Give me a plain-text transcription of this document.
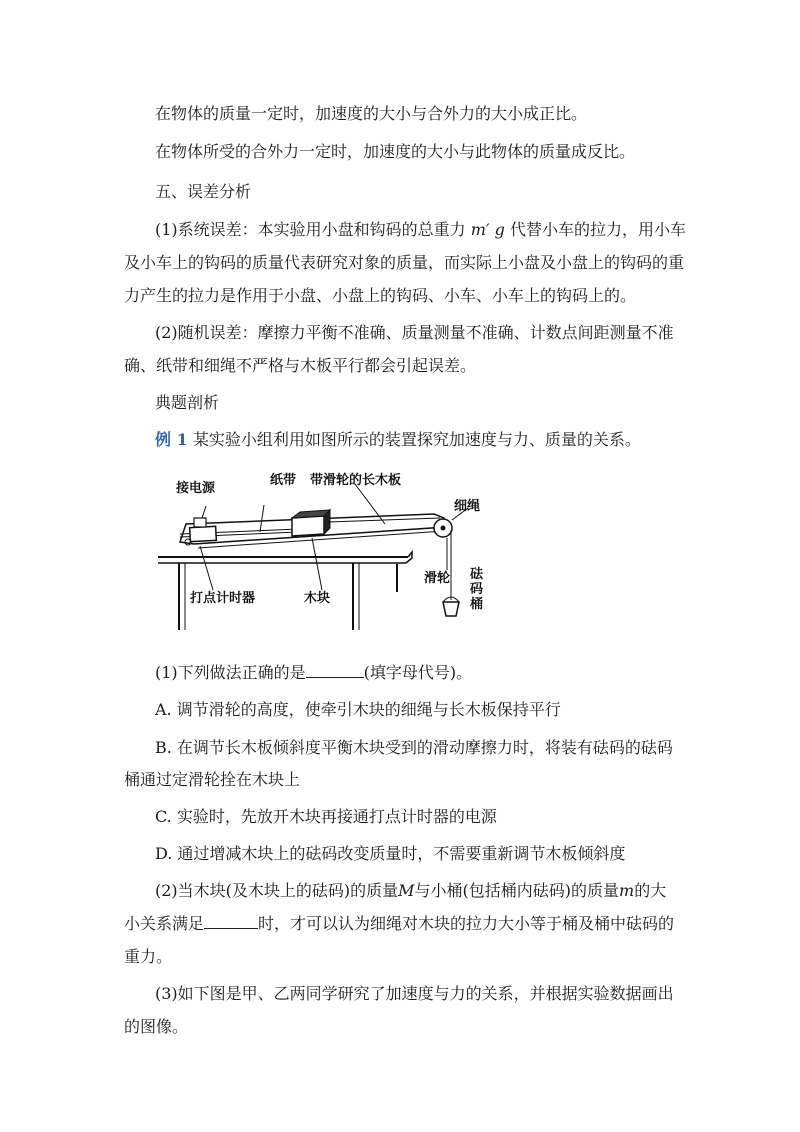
在物体的质量一定时，加速度的大小与合外力的大小成正比。
在物体所受的合外力一定时，加速度的大小与此物体的质量成反比。
五、误差分析
(1)系统误差：本实验用小盘和钩码的总重力 m′ g 代替小车的拉力，用小车
及小车上的钩码的质量代表研究对象的质量，而实际上小盘及小盘上的钩码的重
力产生的拉力是作用于小盘、小盘上的钩码、小车、小车上的钩码上的。
(2)随机误差：摩擦力平衡不准确、质量测量不准确、计数点间距测量不准
确、纸带和细绳不严格与木板平行都会引起误差。
典题剖析
例 1 某实验小组利用如图所示的装置探究加速度与力、质量的关系。
接电源
纸带 带滑轮的长木板
细绳
滑轮 砝
码
桶
打点计时器	木块
(1)下列做法正确的是	(填字母代号)。
A. 调节滑轮的高度，使牵引木块的细绳与长木板保持平行
B. 在调节长木板倾斜度平衡木块受到的滑动摩擦力时，将装有砝码的砝码
桶通过定滑轮拴在木块上
C. 实验时，先放开木块再接通打点计时器的电源
D. 通过增减木块上的砝码改变质量时，不需要重新调节木板倾斜度
(2)当木块(及木块上的砝码)的质量M与小桶(包括桶内砝码)的质量m的大
小关系满足	时，才可以认为细绳对木块的拉力大小等于桶及桶中砝码的
重力。
(3)如下图是甲、乙两同学研究了加速度与力的关系，并根据实验数据画出
的图像。
